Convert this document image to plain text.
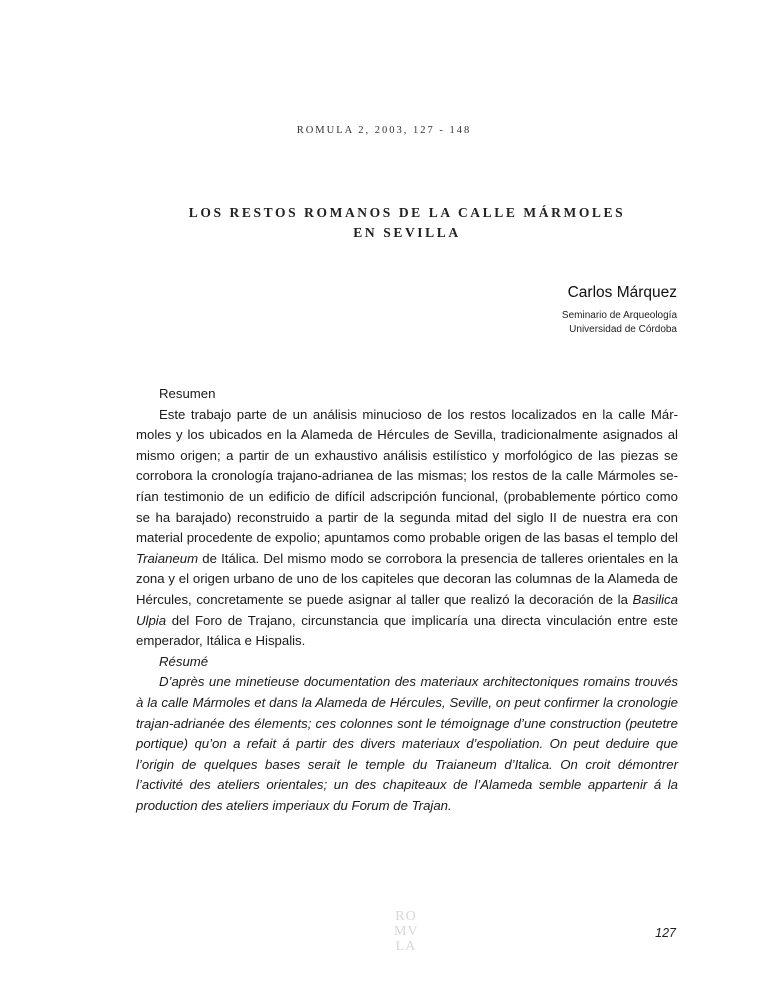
ROMULA 2, 2003, 127 - 148
LOS RESTOS ROMANOS DE LA CALLE MÁRMOLES
EN SEVILLA
Carlos Márquez
Seminario de Arqueología
Universidad de Córdoba
Resumen

Este trabajo parte de un análisis minucioso de los restos localizados en la calle Mármoles y los ubicados en la Alameda de Hércules de Sevilla, tradicionalmente asignados al mismo origen; a partir de un exhaustivo análisis estilístico y morfológico de las piezas se corrobora la cronología trajano-adrianea de las mismas; los restos de la calle Mármoles serían testimonio de un edificio de difícil adscripción funcional, (probablemente pórtico como se ha barajado) reconstruido a partir de la segunda mitad del siglo II de nuestra era con material procedente de expolio; apuntamos como probable origen de las basas el templo del Traianeum de Itálica. Del mismo modo se corrobora la presencia de talleres orientales en la zona y el origen urbano de uno de los capiteles que decoran las columnas de la Alameda de Hércules, concretamente se puede asignar al taller que realizó la decoración de la Basilica Ulpia del Foro de Trajano, circunstancia que implicaría una directa vinculación entre este emperador, Itálica e Hispalis.

Résumé

D’après une minetieuse documentation des materiaux architectoniques romains trouvés à la calle Mármoles et dans la Alameda de Hércules, Seville, on peut confirmer la cronologie trajan-adrianée des élements; ces colonnes sont le témoignage d’une construction (peutetre portique) qu’on a refait á partir des divers materiaux d’espoliation. On peut deduire que l’origin de quelques bases serait le temple du Traianeum d’Italica. On croit démontrer l’activité des ateliers orientales; un des chapiteaux de l’Alameda semble appartenir á la production des ateliers imperiaux du Forum de Trajan.

RO
MV
LA
127
